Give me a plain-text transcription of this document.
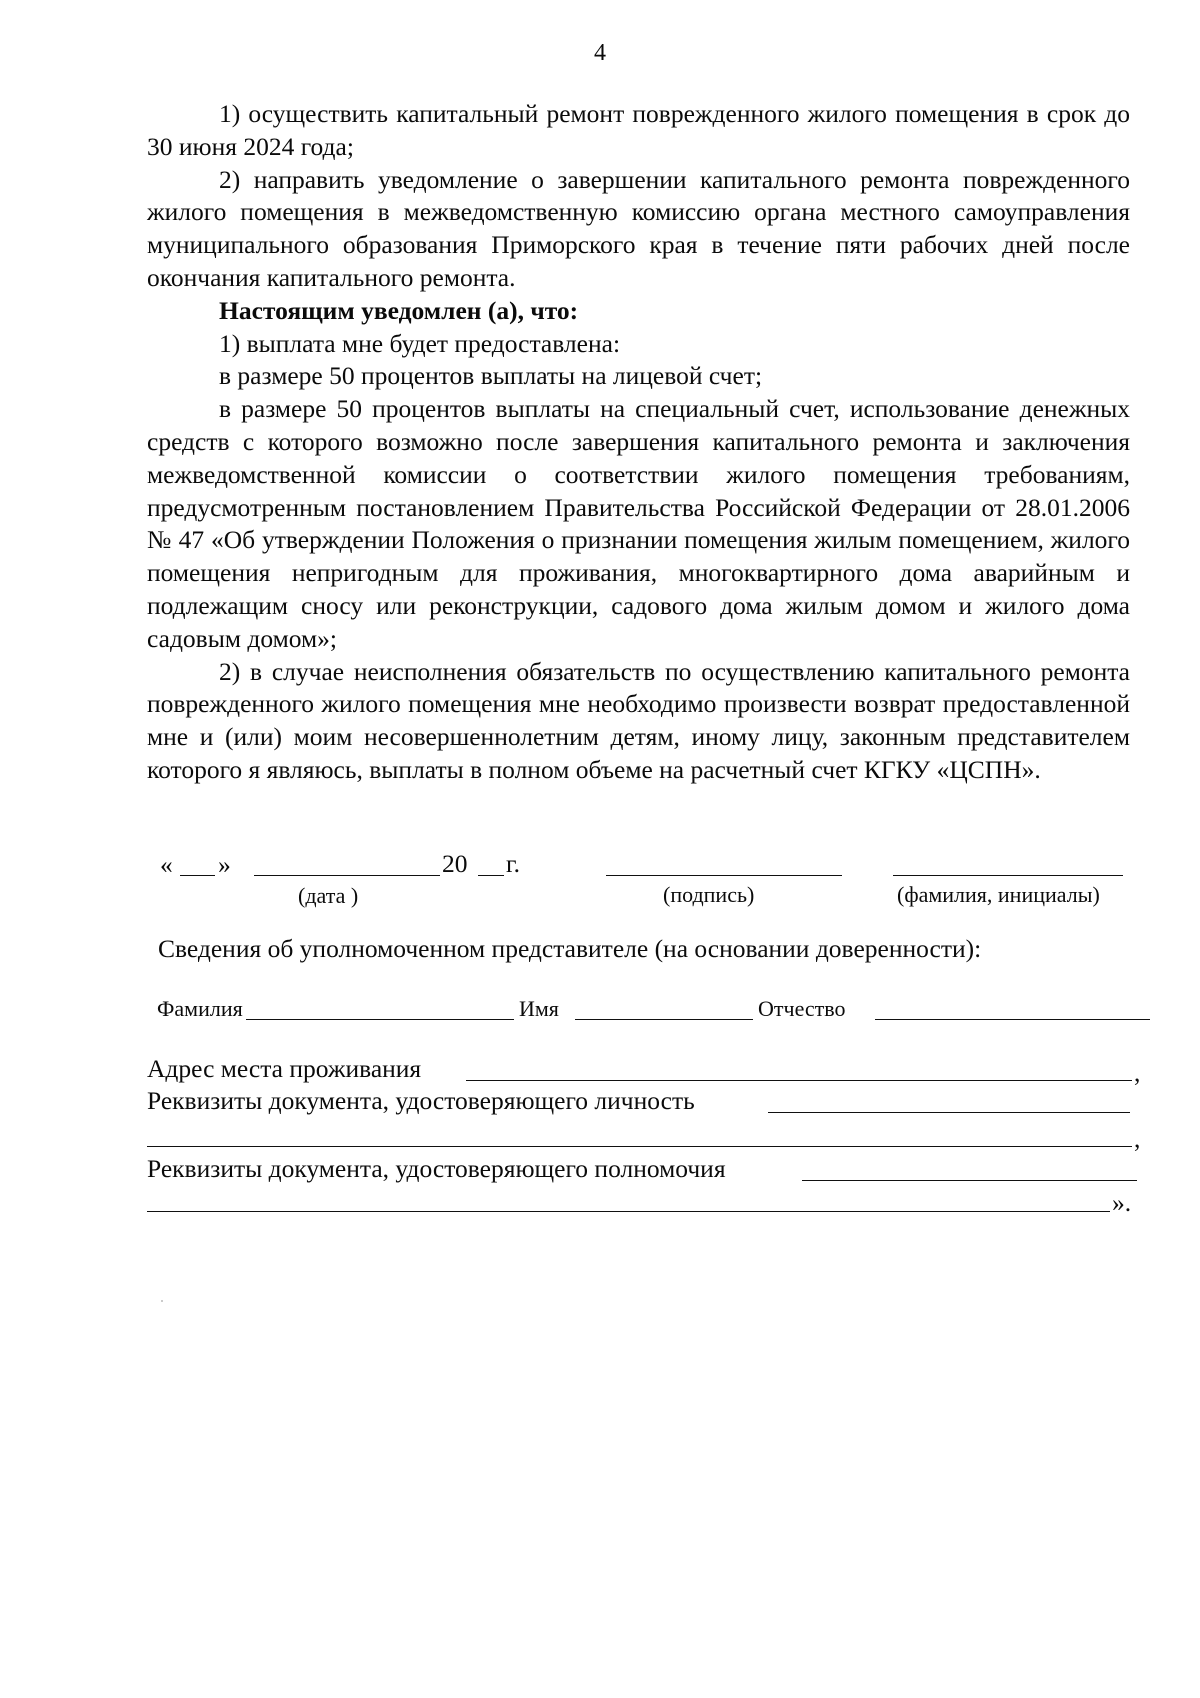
4

1) осуществить капитальный ремонт поврежденного жилого помещения в срок до 30 июня 2024 года;

2) направить уведомление о завершении капитального ремонта поврежденного жилого помещения в межведомственную комиссию органа местного самоуправления муниципального образования Приморского края в течение пяти рабочих дней после окончания капитального ремонта.

Настоящим уведомлен (а), что:

1) выплата мне будет предоставлена:

в размере 50 процентов выплаты на лицевой счет;

в размере 50 процентов выплаты на специальный счет, использование денежных средств с которого возможно после завершения капитального ремонта и заключения межведомственной комиссии о соответствии жилого помещения требованиям, предусмотренным постановлением Правительства Российской Федерации от 28.01.2006 № 47 «Об утверждении Положения о признании помещения жилым помещением, жилого помещения непригодным для проживания, многоквартирного дома аварийным и подлежащим сносу или реконструкции, садового дома жилым домом и жилого дома садовым домом»;

2) в случае неисполнения обязательств по осуществлению капитального ремонта поврежденного жилого помещения мне необходимо произвести возврат предоставленной мне и (или) моим несовершеннолетним детям, иному лицу, законным представителем которого я являюсь, выплаты в полном объеме на расчетный счет КГКУ «ЦСПН».

« »	20 г.
(дата )	(подпись)	(фамилия, инициалы)
Сведения об уполномоченном представителе (на основании доверенности):
Фамилия	Имя	Отчество
Адрес места проживания	,
Реквизиты документа, удостоверяющего личность
,
Реквизиты документа, удостоверяющего полномочия
».
